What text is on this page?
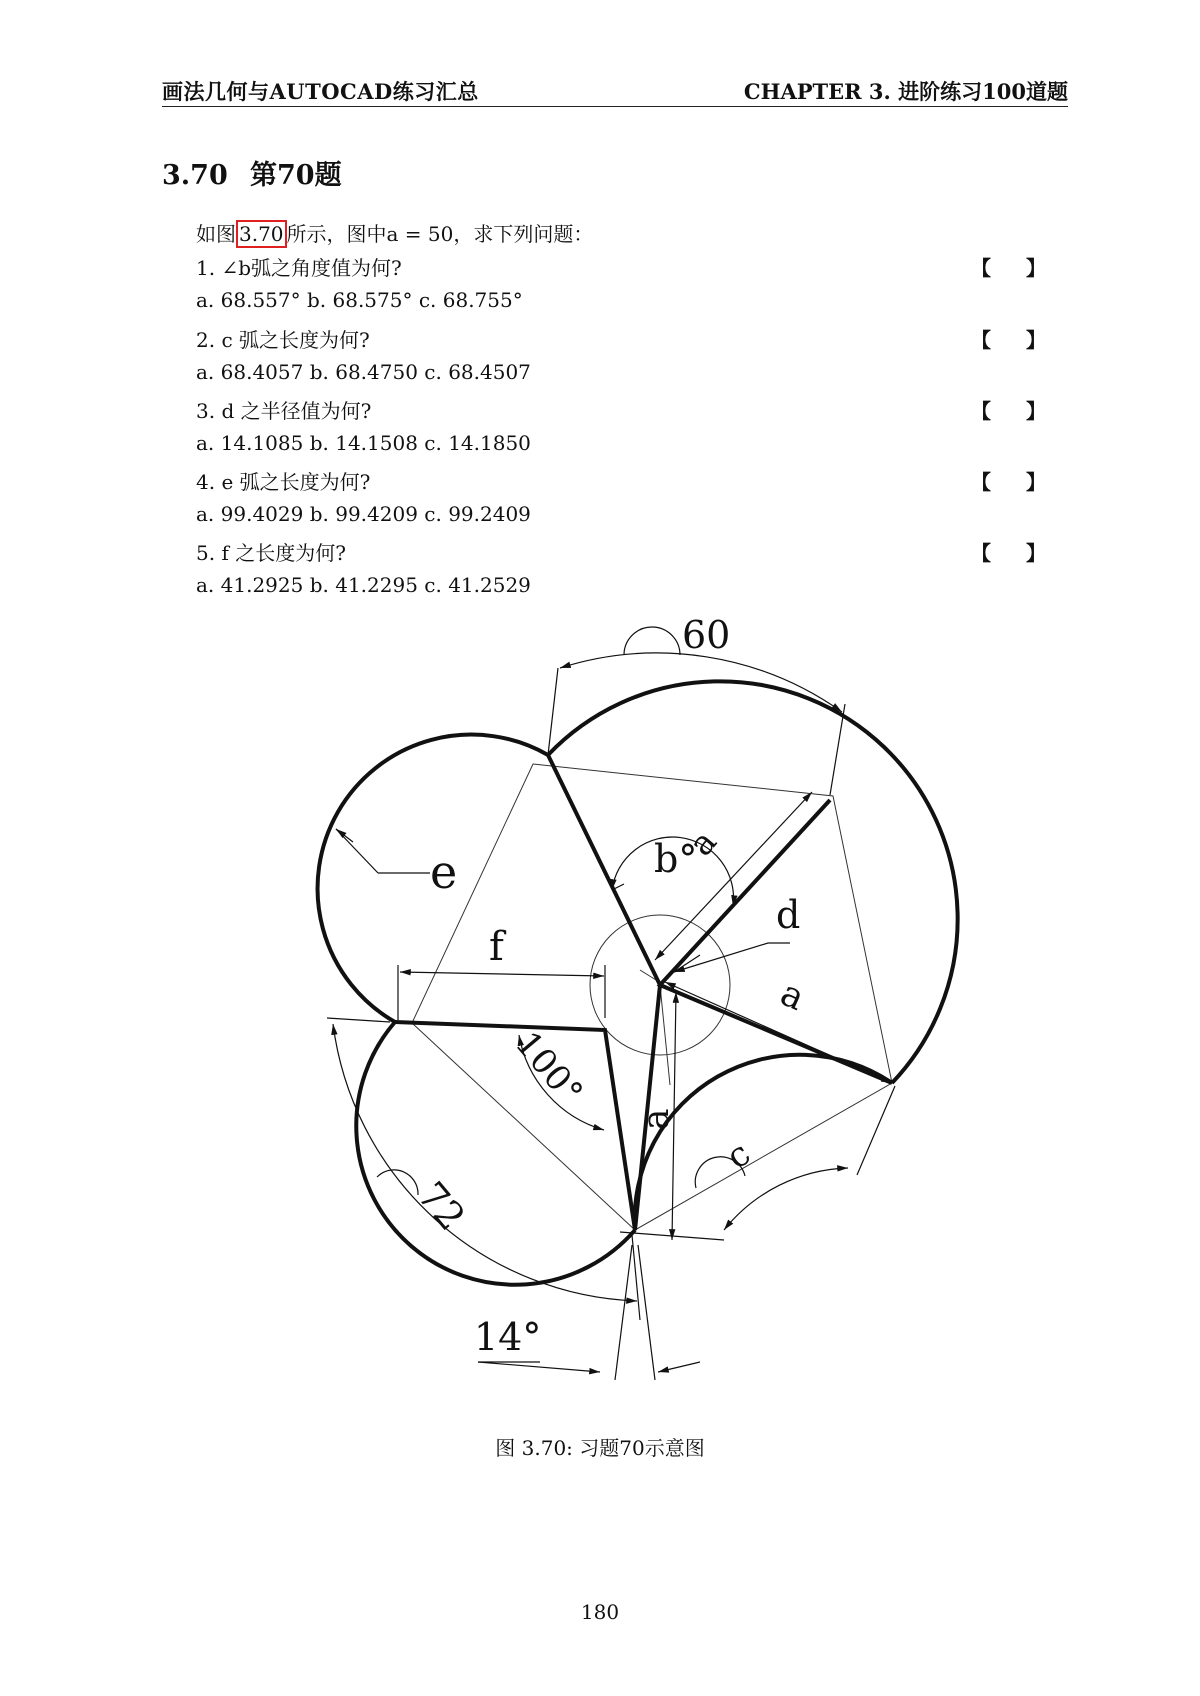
画法几何与AUTOCAD练习汇总	CHAPTER 3. 进阶练习100道题
3.70 第70题
如图 3.70 所示，图中a = 50，求下列问题：
1. ∠b弧之角度值为何?	【 】
a. 68.557° b. 68.575° c. 68.755°
2. c 弧之长度为何?	【 】
a. 68.4057 b. 68.4750 c. 68.4507
3. d 之半径值为何?	【 】
a. 14.1085 b. 14.1508 c. 14.1850
4. e 弧之长度为何?	【 】
a. 99.4029 b. 99.4209 c. 99.2409
5. f 之长度为何?	【 】
a. 41.2925 b. 41.2295 c. 41.2529
60
e	b°
a
d
a
f
100°
a
c
72
14°
图 3.70: 习题70示意图
180
